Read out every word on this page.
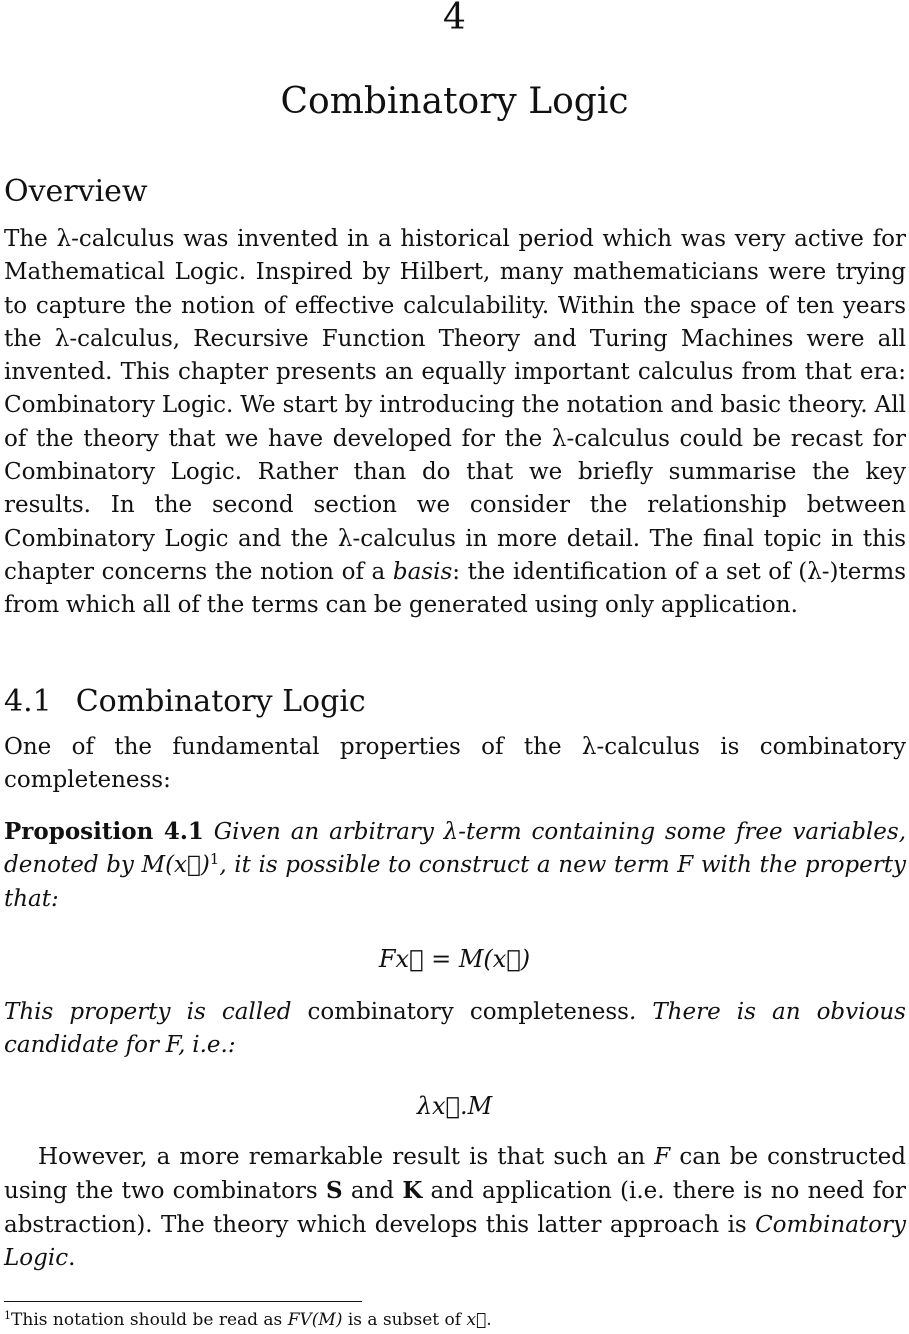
4
Combinatory Logic
Overview

The λ-calculus was invented in a historical period which was very active for Mathematical Logic. Inspired by Hilbert, many mathematicians were trying to capture the notion of effective calculability. Within the space of ten years the λ-calculus, Recursive Function Theory and Turing Machines were all invented. This chapter presents an equally important calculus from that era: Combinatory Logic. We start by introducing the notation and basic theory. All of the theory that we have developed for the λ-calculus could be recast for Combinatory Logic. Rather than do that we briefly summarise the key results. In the second section we consider the relationship between Combinatory Logic and the λ-calculus in more detail. The final topic in this chapter concerns the notion of a basis: the identification of a set of (λ-)terms from which all of the terms can be generated using only application.

4.1 Combinatory Logic

One of the fundamental properties of the λ-calculus is combinatory completeness:

Proposition 4.1 Given an arbitrary λ-term containing some free variables, denoted by M(x⃗)$^1$, it is possible to construct a new term F with the property that:

Fx⃗ = M(x⃗)

This property is called combinatory completeness. There is an obvious candidate for F, i.e.:

λx⃗.M

However, a more remarkable result is that such an F can be constructed using the two combinators S and K and application (i.e. there is no need for abstraction). The theory which develops this latter approach is Combinatory Logic.

$^1$This notation should be read as FV(M) is a subset of x⃗.
